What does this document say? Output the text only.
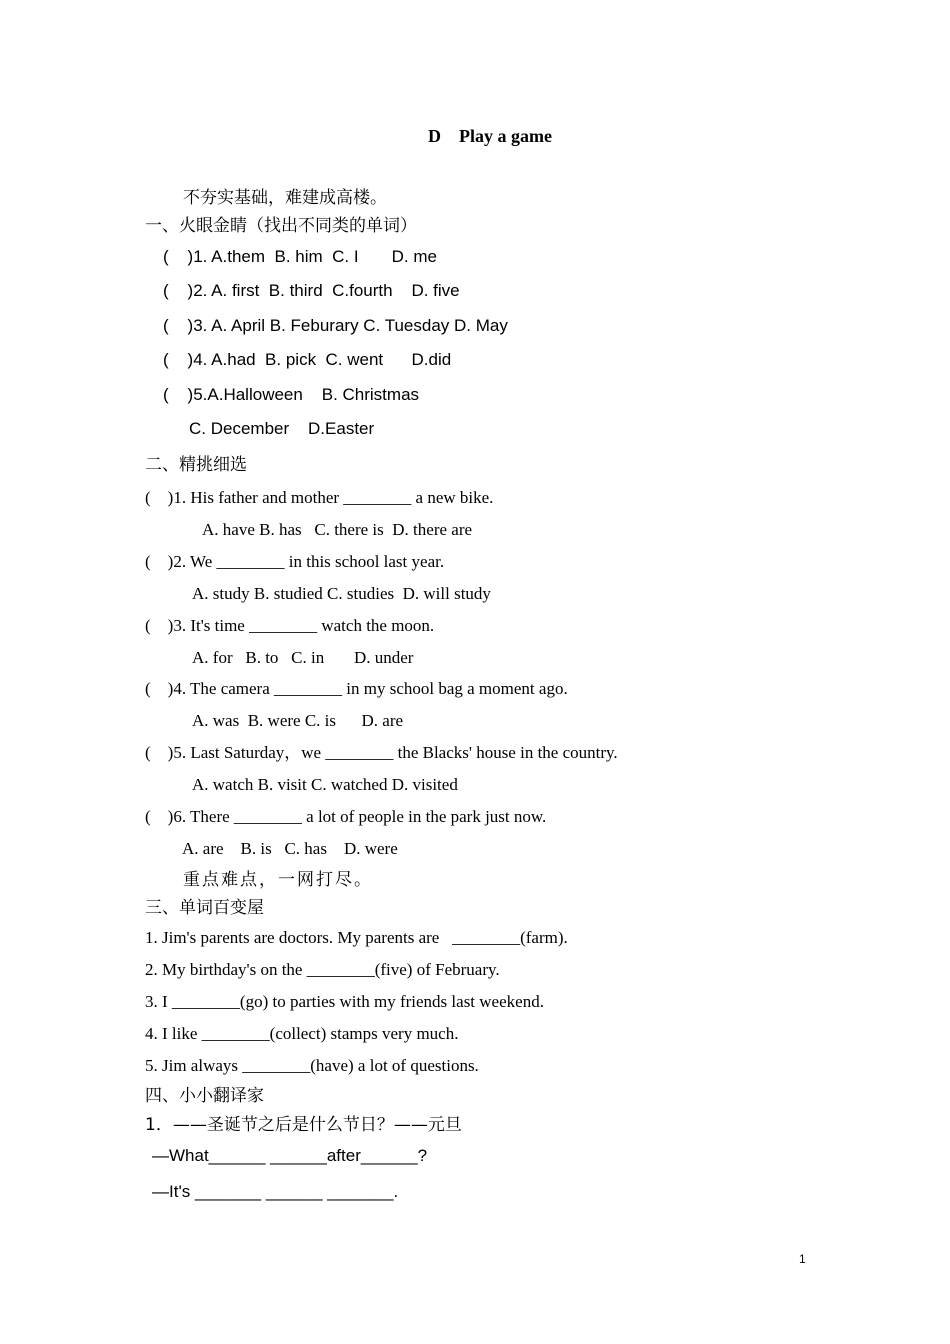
D    Play a game
不夯实基础，难建成高楼。
一、火眼金睛（找出不同类的单词）
(    )1. A.them  B. him  C. I       D. me
(    )2. A. first  B. third  C.fourth    D. five
(    )3. A. April B. Feburary C. Tuesday D. May
(    )4. A.had  B. pick  C. went      D.did
(    )5.A.Halloween    B. Christmas
C. December    D.Easter
二、精挑细选
(    )1. His father and mother ________ a new bike.
A. have B. has   C. there is  D. there are
(    )2. We ________ in this school last year.
A. study B. studied C. studies  D. will study
(    )3. It's time ________ watch the moon.
A. for   B. to   C. in       D. under
(    )4. The camera ________ in my school bag a moment ago.
A. was  B. were C. is      D. are
(    )5. Last Saturday，we ________ the Blacks' house in the country.
A. watch B. visit C. watched D. visited
(    )6. There ________ a lot of people in the park just now.
A. are    B. is   C. has    D. were
重点难点，一网打尽。
三、单词百变屋
1. Jim's parents are doctors. My parents are   ________(farm).
2. My birthday's on the ________(five) of February.
3. I ________(go) to parties with my friends last weekend.
4. I like ________(collect) stamps very much.
5. Jim always ________(have) a lot of questions.
四、小小翻译家
1．——圣诞节之后是什么节日？——元旦
—What______ ______after______?
—It's _______ ______ _______.
1
